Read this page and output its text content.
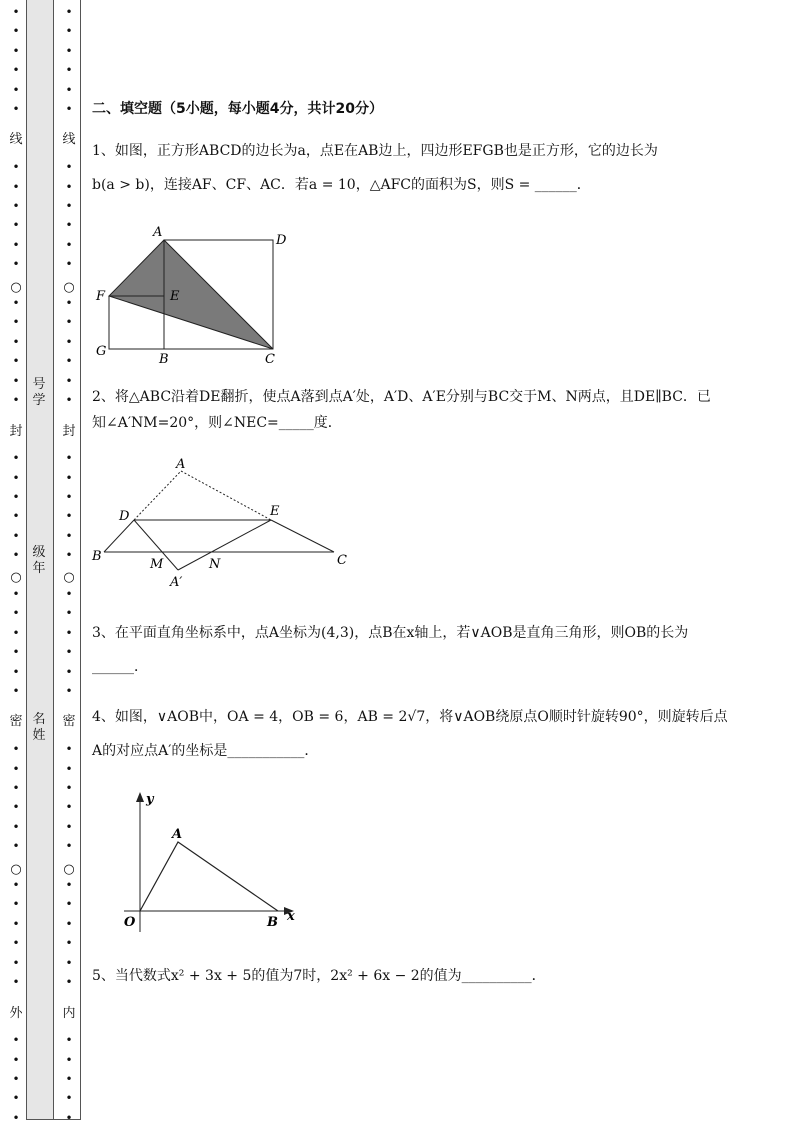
•
•
•
•
•
•
•
•
•
•
•
•
•
•
•
•
•
•
•
•
•
•
•
•
•
•
•
•
•
•
•
•
•
•
•
•
•
•
•
•
•
•
•
•
•
•
•
线
○
封
○
密
○
外
•
•
•
•
•
•
•
•
•
•
•
•
•
•
•
•
•
•
•
•
•
•
•
•
•
•
•
•
•
•
•
•
•
•
•
•
•
•
•
•
•
•
•
•
•
•
•
线
○
封
○
密
○
内
号
学
级
年
名
姓
二、填空题（5小题，每小题4分，共计20分）

1、如图，正方形ABCD的边长为a，点E在AB边上，四边形EFGB也是正方形，它的边长为

b(a > b)，连接AF、CF、AC．若a = 10，△AFC的面积为S，则S = ______．

A
D
F	E
G
B	C

2、将△ABC沿着DE翻折，使点A落到点A′处，A′D、A′E分别与BC交于M、N两点，且DE∥BC．已

知∠A′NM=20°，则∠NEC=_____度．

A
D	E
B
M	N	C
A′

3、在平面直角坐标系中，点A坐标为(4,3)，点B在x轴上，若∨AOB是直角三角形，则OB的长为

______．

4、如图，∨AOB中，OA = 4，OB = 6，AB = 2√7，将∨AOB绕原点O顺时针旋转90°，则旋转后点

A的对应点A′的坐标是___________．

y
A
O	B x

5、当代数式x² + 3x + 5的值为7时，2x² + 6x − 2的值为__________．
